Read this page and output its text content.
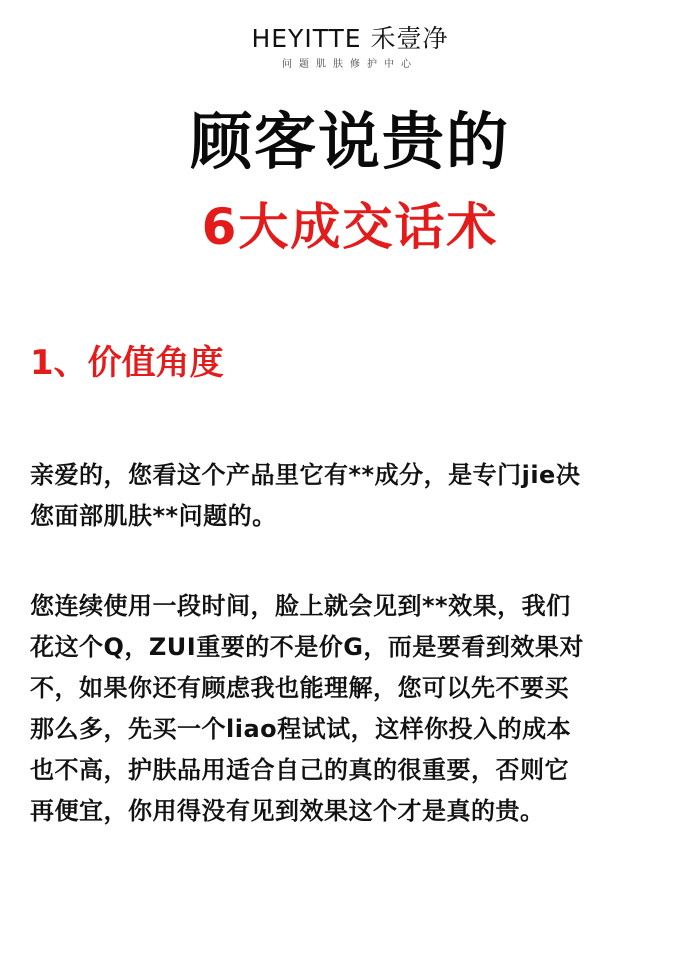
HEYITTE 禾壹净
问题肌肤修护中心
顾客说贵的
6大成交话术
1、价值角度
亲爱的，您看这个产品里它有**成分，是专门jie决
您面部肌肤**问题的。
您连续使用一段时间，脸上就会见到**效果，我们
花这个Q，ZUI重要的不是价G，而是要看到效果对
不，如果你还有顾虑我也能理解，您可以先不要买
那么多，先买一个liao程试试，这样你投入的成本
也不高，护肤品用适合自己的真的很重要，否则它
再便宜，你用得没有见到效果这个才是真的贵。
